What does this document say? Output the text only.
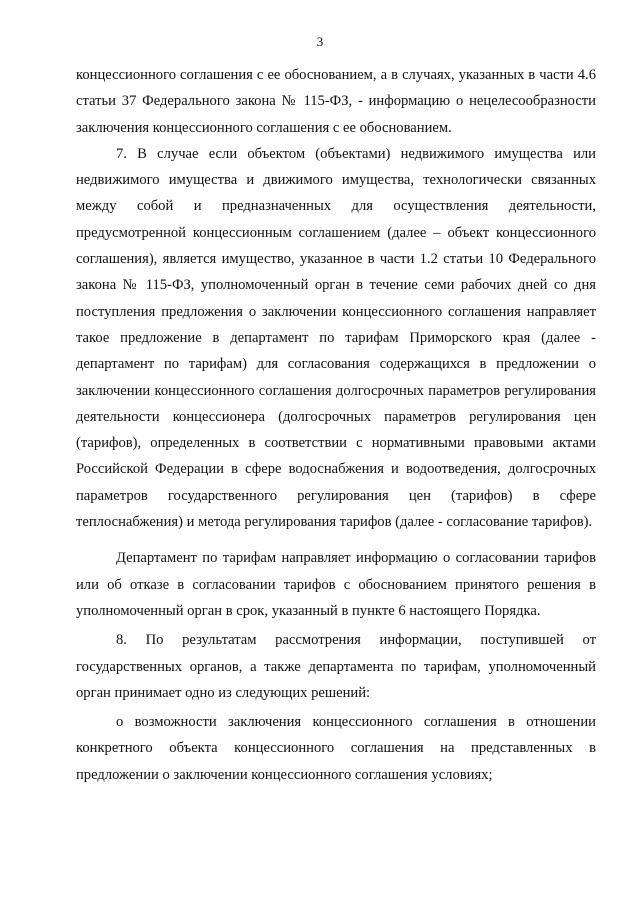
3

концессионного соглашения с ее обоснованием, а в случаях, указанных в части 4.6 статьи 37 Федерального закона № 115-ФЗ, - информацию о нецелесообразности заключения концессионного соглашения с ее обоснованием.

7. В случае если объектом (объектами) недвижимого имущества или недвижимого имущества и движимого имущества, технологически связанных между собой и предназначенных для осуществления деятельности, предусмотренной концессионным соглашением (далее – объект концессионного соглашения), является имущество, указанное в части 1.2 статьи 10 Федерального закона № 115-ФЗ, уполномоченный орган в течение семи рабочих дней со дня поступления предложения о заключении концессионного соглашения направляет такое предложение в департамент по тарифам Приморского края (далее - департамент по тарифам) для согласования содержащихся в предложении о заключении концессионного соглашения долгосрочных параметров регулирования деятельности концессионера (долгосрочных параметров регулирования цен (тарифов), определенных в соответствии с нормативными правовыми актами Российской Федерации в сфере водоснабжения и водоотведения, долгосрочных параметров государственного регулирования цен (тарифов) в сфере теплоснабжения) и метода регулирования тарифов (далее - согласование тарифов).

Департамент по тарифам направляет информацию о согласовании тарифов или об отказе в согласовании тарифов с обоснованием принятого решения в уполномоченный орган в срок, указанный в пункте 6 настоящего Порядка.

8. По результатам рассмотрения информации, поступившей от государственных органов, а также департамента по тарифам, уполномоченный орган принимает одно из следующих решений:

о возможности заключения концессионного соглашения в отношении конкретного объекта концессионного соглашения на представленных в предложении о заключении концессионного соглашения условиях;
